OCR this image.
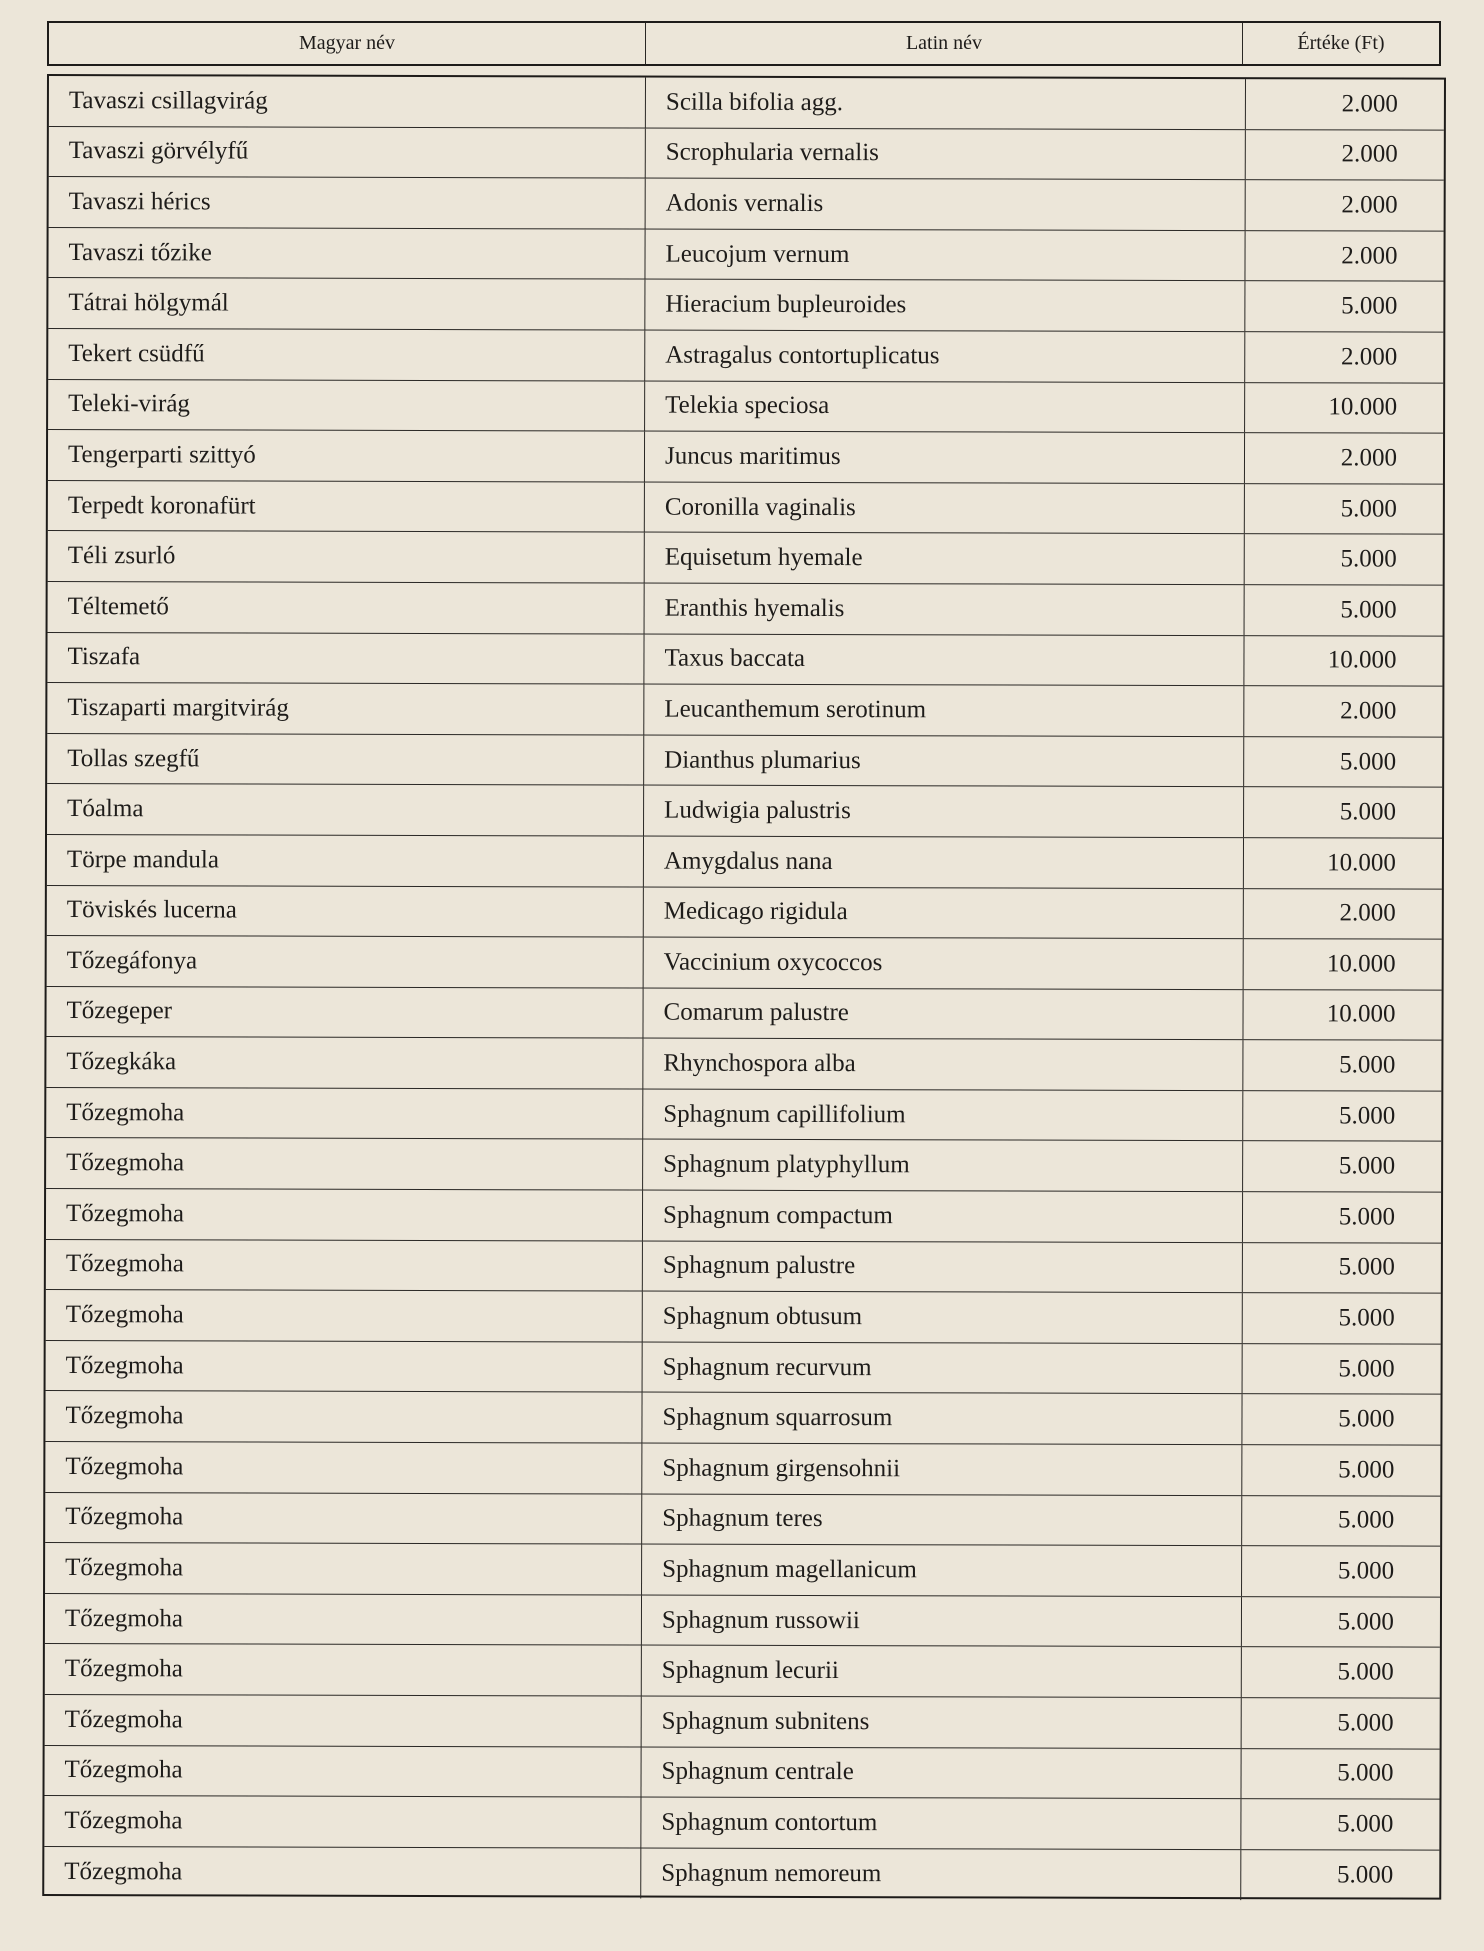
Magyar név	Latin név	Értéke (Ft)
Tavaszi csillagvirág	Scilla bifolia agg.	2.000
Tavaszi görvélyfű	Scrophularia vernalis	2.000
Tavaszi hérics	Adonis vernalis	2.000
Tavaszi tőzike	Leucojum vernum	2.000
Tátrai hölgymál	Hieracium bupleuroides	5.000
Tekert csüdfű	Astragalus contortuplicatus	2.000
Teleki-virág	Telekia speciosa	10.000
Tengerparti szittyó	Juncus maritimus	2.000
Terpedt koronafürt	Coronilla vaginalis	5.000
Téli zsurló	Equisetum hyemale	5.000
Téltemető	Eranthis hyemalis	5.000
Tiszafa	Taxus baccata	10.000
Tiszaparti margitvirág	Leucanthemum serotinum	2.000
Tollas szegfű	Dianthus plumarius	5.000
Tóalma	Ludwigia palustris	5.000
Törpe mandula	Amygdalus nana	10.000
Töviskés lucerna	Medicago rigidula	2.000
Tőzegáfonya	Vaccinium oxycoccos	10.000
Tőzegeper	Comarum palustre	10.000
Tőzegkáka	Rhynchospora alba	5.000
Tőzegmoha	Sphagnum capillifolium	5.000
Tőzegmoha	Sphagnum platyphyllum	5.000
Tőzegmoha	Sphagnum compactum	5.000
Tőzegmoha	Sphagnum palustre	5.000
Tőzegmoha	Sphagnum obtusum	5.000
Tőzegmoha	Sphagnum recurvum	5.000
Tőzegmoha	Sphagnum squarrosum	5.000
Tőzegmoha	Sphagnum girgensohnii	5.000
Tőzegmoha	Sphagnum teres	5.000
Tőzegmoha	Sphagnum magellanicum	5.000
Tőzegmoha	Sphagnum russowii	5.000
Tőzegmoha	Sphagnum lecurii	5.000
Tőzegmoha	Sphagnum subnitens	5.000
Tőzegmoha	Sphagnum centrale	5.000
Tőzegmoha	Sphagnum contortum	5.000
Tőzegmoha	Sphagnum nemoreum	5.000
